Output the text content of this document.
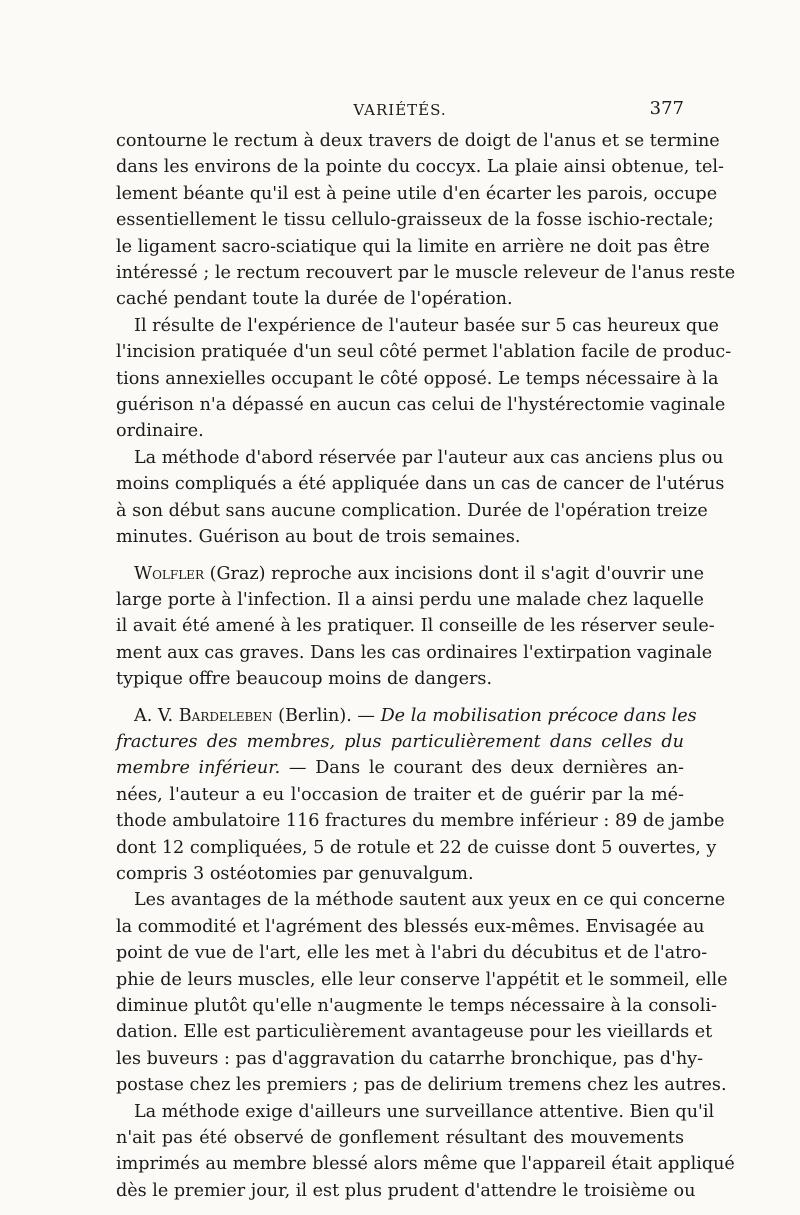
VARIÉTÉS.	377
contourne le rectum à deux travers de doigt de l'anus et se termine
dans les environs de la pointe du coccyx. La plaie ainsi obtenue, tel-
lement béante qu'il est à peine utile d'en écarter les parois, occupe
essentiellement le tissu cellulo-graisseux de la fosse ischio-rectale;
le ligament sacro-sciatique qui la limite en arrière ne doit pas être
intéressé ; le rectum recouvert par le muscle releveur de l'anus reste
caché pendant toute la durée de l'opération.
Il résulte de l'expérience de l'auteur basée sur 5 cas heureux que
l'incision pratiquée d'un seul côté permet l'ablation facile de produc-
tions annexielles occupant le côté opposé. Le temps nécessaire à la
guérison n'a dépassé en aucun cas celui de l'hystérectomie vaginale
ordinaire.
La méthode d'abord réservée par l'auteur aux cas anciens plus ou
moins compliqués a été appliquée dans un cas de cancer de l'utérus
à son début sans aucune complication. Durée de l'opération treize
minutes. Guérison au bout de trois semaines.
Wolfler (Graz) reproche aux incisions dont il s'agit d'ouvrir une
large porte à l'infection. Il a ainsi perdu une malade chez laquelle
il avait été amené à les pratiquer. Il conseille de les réserver seule-
ment aux cas graves. Dans les cas ordinaires l'extirpation vaginale
typique offre beaucoup moins de dangers.
A. V. Bardeleben (Berlin). — De la mobilisation précoce dans les
fractures des membres, plus particulièrement dans celles du
membre inférieur. — Dans le courant des deux dernières an-
nées, l'auteur a eu l'occasion de traiter et de guérir par la mé-
thode ambulatoire 116 fractures du membre inférieur : 89 de jambe
dont 12 compliquées, 5 de rotule et 22 de cuisse dont 5 ouvertes, y
compris 3 ostéotomies par genuvalgum.
Les avantages de la méthode sautent aux yeux en ce qui concerne
la commodité et l'agrément des blessés eux-mêmes. Envisagée au
point de vue de l'art, elle les met à l'abri du décubitus et de l'atro-
phie de leurs muscles, elle leur conserve l'appétit et le sommeil, elle
diminue plutôt qu'elle n'augmente le temps nécessaire à la consoli-
dation. Elle est particulièrement avantageuse pour les vieillards et
les buveurs : pas d'aggravation du catarrhe bronchique, pas d'hy-
postase chez les premiers ; pas de delirium tremens chez les autres.
La méthode exige d'ailleurs une surveillance attentive. Bien qu'il
n'ait pas été observé de gonflement résultant des mouvements
imprimés au membre blessé alors même que l'appareil était appliqué
dès le premier jour, il est plus prudent d'attendre le troisième ou
